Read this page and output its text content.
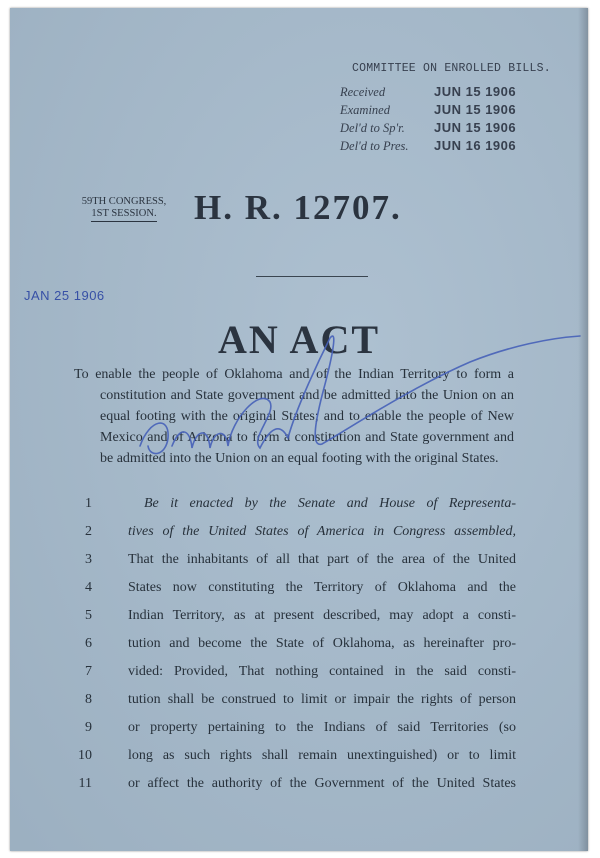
COMMITTEE ON ENROLLED BILLS.
Received	JUN 15 1906
Examined	JUN 15 1906
Del'd to Sp'r. JUN 15 1906
Del'd to Pres. JUN 16 1906
59TH CONGRESS,
1ST SESSION.	H. R. 12707.
JAN 25 1906
AN ACT

To enable the people of Oklahoma and of the Indian Territory to form a constitution and State government and be admitted into the Union on an equal footing with the original States; and to enable the people of New Mexico and of Arizona to form a constitution and State government and be admitted into the Union on an equal footing with the original States.

1	Be it enacted by the Senate and House of Representa-
2	tives of the United States of America in Congress assembled,
3	That the inhabitants of all that part of the area of the United
4	States now constituting the Territory of Oklahoma and the
5	Indian Territory, as at present described, may adopt a consti-
6	tution and become the State of Oklahoma, as hereinafter pro-
7	vided: Provided, That nothing contained in the said consti-
8	tution shall be construed to limit or impair the rights of person
9	or property pertaining to the Indians of said Territories (so
10	long as such rights shall remain unextinguished) or to limit
11	or affect the authority of the Government of the United States
